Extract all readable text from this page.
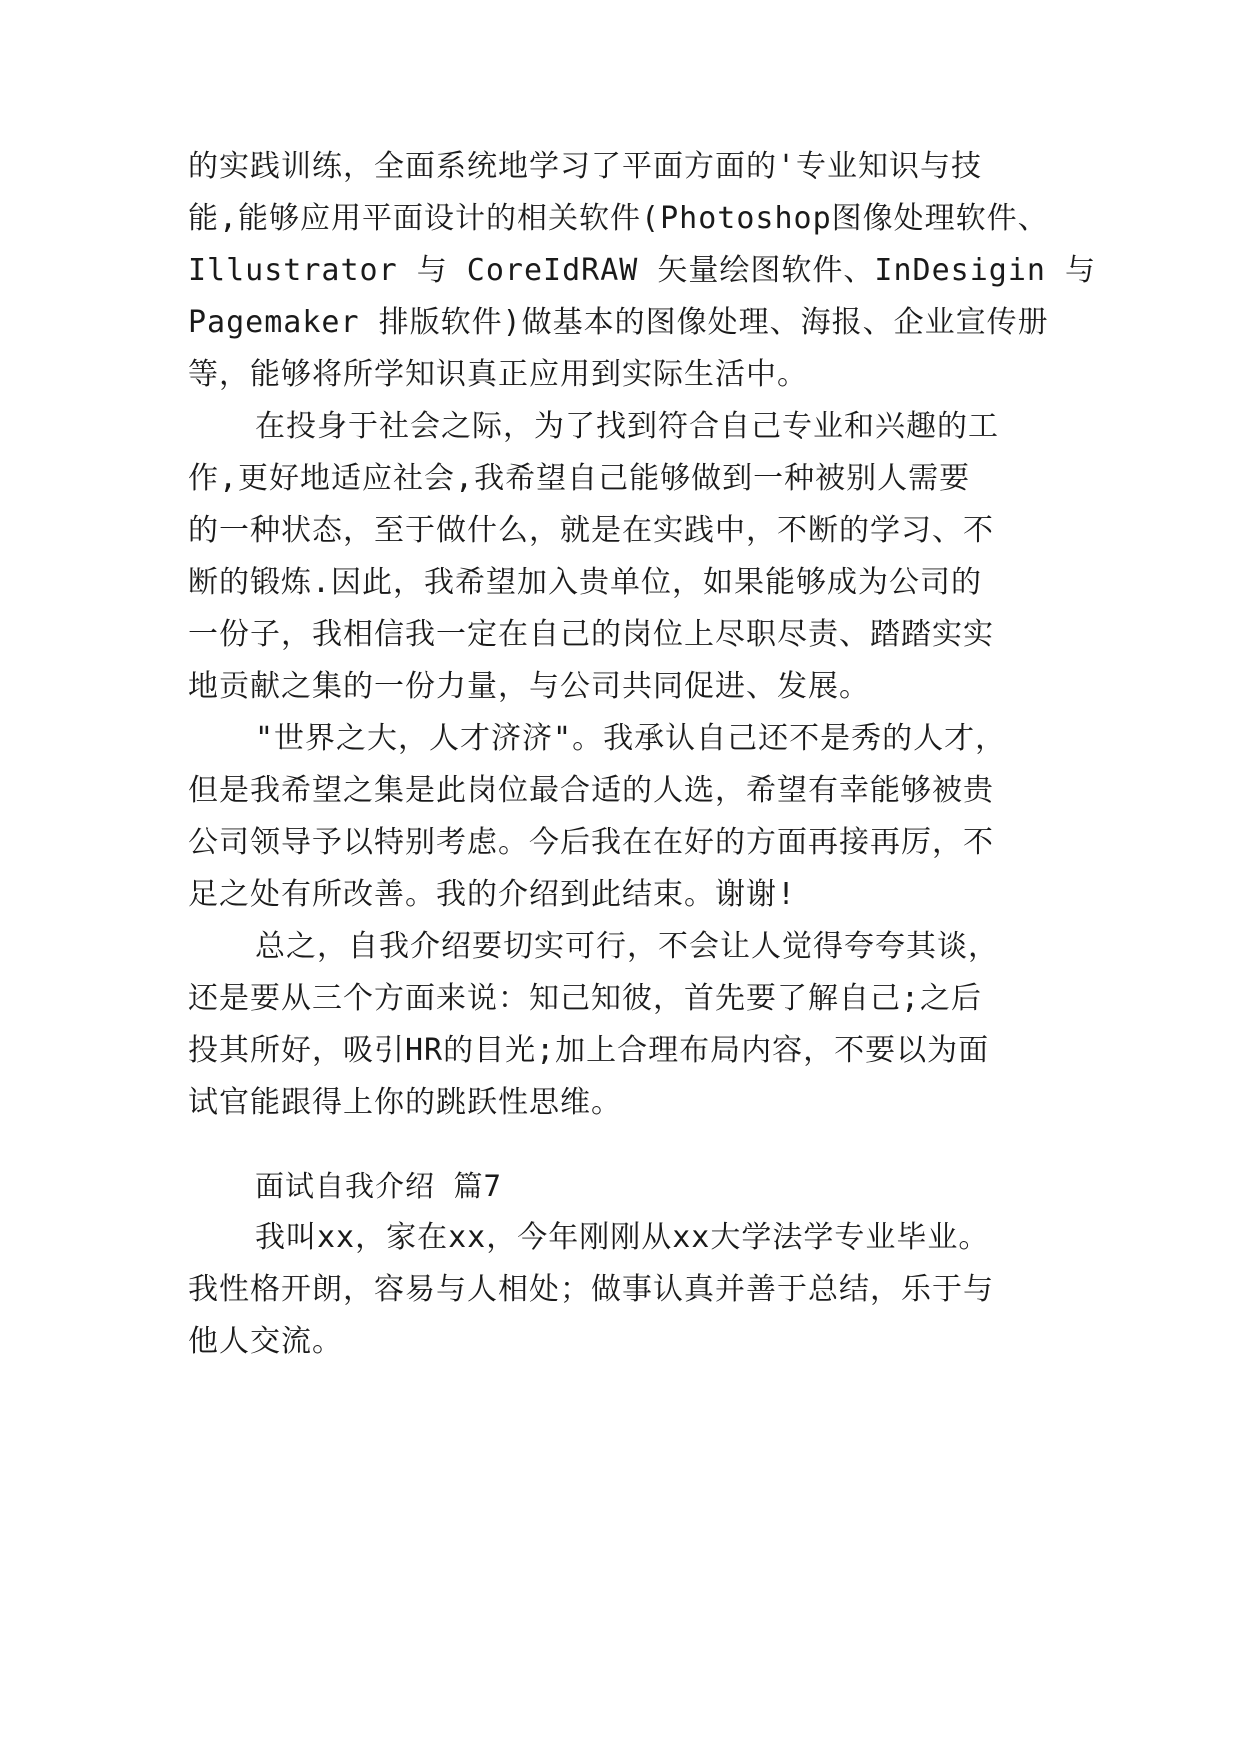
的实践训练，全面系统地学习了平面方面的'专业知识与技
能,能够应用平面设计的相关软件(Photoshop图像处理软件、
Illustrator 与 CoreIdRAW 矢量绘图软件、InDesigin 与
Pagemaker 排版软件)做基本的图像处理、海报、企业宣传册
等，能够将所学知识真正应用到实际生活中。
在投身于社会之际，为了找到符合自己专业和兴趣的工
作,更好地适应社会,我希望自己能够做到一种被别人需要
的一种状态，至于做什么，就是在实践中，不断的学习、不
断的锻炼.因此，我希望加入贵单位，如果能够成为公司的
一份子，我相信我一定在自己的岗位上尽职尽责、踏踏实实
地贡献之集的一份力量，与公司共同促进、发展。
"世界之大，人才济济"。我承认自己还不是秀的人才，
但是我希望之集是此岗位最合适的人选，希望有幸能够被贵
公司领导予以特别考虑。今后我在在好的方面再接再厉，不
足之处有所改善。我的介绍到此结束。谢谢!
总之，自我介绍要切实可行，不会让人觉得夸夸其谈，
还是要从三个方面来说：知己知彼，首先要了解自己;之后
投其所好，吸引HR的目光;加上合理布局内容，不要以为面
试官能跟得上你的跳跃性思维。
面试自我介绍 篇7
我叫xx，家在xx，今年刚刚从xx大学法学专业毕业。
我性格开朗，容易与人相处；做事认真并善于总结，乐于与
他人交流。
